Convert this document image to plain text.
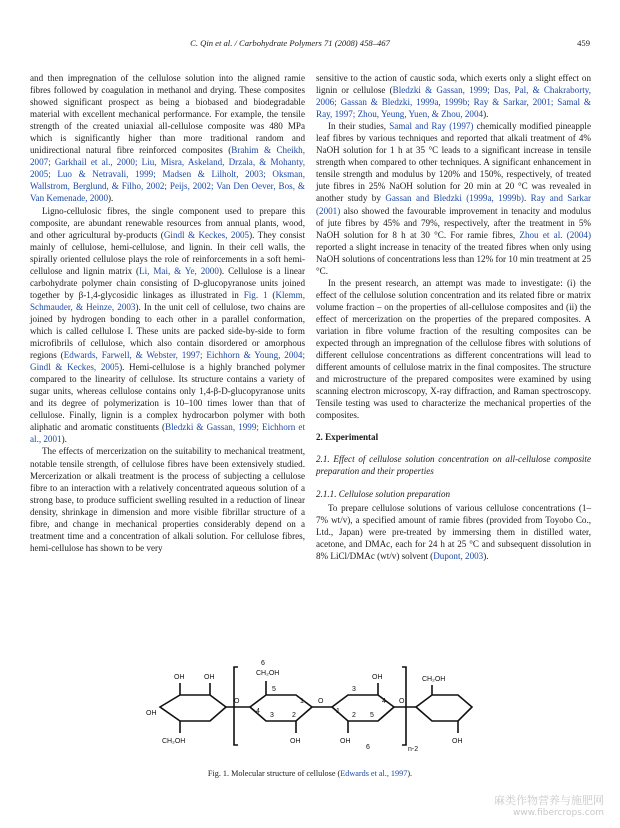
C. Qin et al. / Carbohydrate Polymers 71 (2008) 458–467	459

and then impregnation of the cellulose solution into the aligned ramie fibres followed by coagulation in methanol and drying. These composites showed significant prospect as being a biobased and biodegradable material with excellent mechanical performance. For example, the tensile strength of the created uniaxial all-cellulose composite was 480 MPa which is significantly higher than more traditional random and unidirectional natural fibre reinforced composites (Brahim & Cheikh, 2007; Garkhail et al., 2000; Liu, Misra, Askeland, Drzala, & Mohanty, 2005; Luo & Netravali, 1999; Madsen & Lilholt, 2003; Oksman, Wallstrom, Berglund, & Filho, 2002; Peijs, 2002; Van Den Oever, Bos, & Van Kemenade, 2000).

Ligno-cellulosic fibres, the single component used to prepare this composite, are abundant renewable resources from annual plants, wood, and other agricultural by-products (Gindl & Keckes, 2005). They consist mainly of cellulose, hemi-cellulose, and lignin. In their cell walls, the spirally oriented cellulose plays the role of reinforcements in a soft hemi-cellulose and lignin matrix (Li, Mai, & Ye, 2000). Cellulose is a linear carbohydrate polymer chain consisting of D-glucopyranose units joined together by β-1,4-glycosidic linkages as illustrated in Fig. 1 (Klemm, Schmauder, & Heinze, 2003). In the unit cell of cellulose, two chains are joined by hydrogen bonding to each other in a parallel conformation, which is called cellulose I. These units are packed side-by-side to form microfibrils of cellulose, which also contain disordered or amorphous regions (Edwards, Farwell, & Webster, 1997; Eichhorn & Young, 2004; Gindl & Keckes, 2005). Hemi-cellulose is a highly branched polymer compared to the linearity of cellulose. Its structure contains a variety of sugar units, whereas cellulose contains only 1,4-β-D-glucopyranose units and its degree of polymerization is 10–100 times lower than that of cellulose. Finally, lignin is a complex hydrocarbon polymer with both aliphatic and aromatic constituents (Bledzki & Gassan, 1999; Eichhorn et al., 2001).

The effects of mercerization on the suitability to mechanical treatment, notable tensile strength, of cellulose fibres have been extensively studied. Mercerization or alkali treatment is the process of subjecting a cellulose fibre to an interaction with a relatively concentrated aqueous solution of a strong base, to produce sufficient swelling resulted in a reduction of linear density, shrinkage in dimension and more visible fibrillar structure of a fibre, and change in mechanical properties considerably depend on a treatment time and a concentration of alkali solution. For cellulose fibres, hemi-cellulose has shown to be very

sensitive to the action of caustic soda, which exerts only a slight effect on lignin or cellulose (Bledzki & Gassan, 1999; Das, Pal, & Chakraborty, 2006; Gassan & Bledzki, 1999a, 1999b; Ray & Sarkar, 2001; Samal & Ray, 1997; Zhou, Yeung, Yuen, & Zhou, 2004).

In their studies, Samal and Ray (1997) chemically modified pineapple leaf fibres by various techniques and reported that alkali treatment of 4% NaOH solution for 1 h at 35 °C leads to a significant increase in tensile strength when compared to other techniques. A significant enhancement in tensile strength and modulus by 120% and 150%, respectively, of treated jute fibres in 25% NaOH solution for 20 min at 20 °C was revealed in another study by Gassan and Bledzki (1999a, 1999b). Ray and Sarkar (2001) also showed the favourable improvement in tenacity and modulus of jute fibres by 45% and 79%, respectively, after the treatment in 5% NaOH solution for 8 h at 30 °C. For ramie fibres, Zhou et al. (2004) reported a slight increase in tenacity of the treated fibres when only using NaOH solutions of concentrations less than 12% for 10 min treatment at 25 °C.

In the present research, an attempt was made to investigate: (i) the effect of the cellulose solution concentration and its related fibre or matrix volume fraction – on the properties of all-cellulose composites and (ii) the effect of mercerization on the properties of the prepared composites. A variation in fibre volume fraction of the resulting composites can be expected through an impregnation of the cellulose fibres with solutions of different cellulose concentrations as different concentrations will lead to different amounts of cellulose matrix in the final composites. The structure and microstructure of the prepared composites were examined by using scanning electron microscopy, X-ray diffraction, and Raman spectroscopy. Tensile testing was used to characterize the mechanical properties of the composites.

2. Experimental

2.1. Effect of cellulose solution concentration on all-cellulose composite preparation and their properties

2.1.1. Cellulose solution preparation

To prepare cellulose solutions of various cellulose concentrations (1–7% wt/v), a specified amount of ramie fibres (provided from Toyobo Co., Ltd., Japan) were pre-treated by immersing them in distilled water, acetone, and DMAc, each for 24 h at 25 °C and subsequent dissolution in 8% LiCl/DMAc (wt/v) solvent (Dupont, 2003).

OH
OH	OH
CH₂OH
O
CH₂OH
6
OH
O
OH
OH
O
CH₂OH
OH
n-2
5
1
2
3
4
3
1
5
4
2
6
Fig. 1. Molecular structure of cellulose (Edwards et al., 1997).
麻类作物营养与施肥网
www.fibercrops.com
